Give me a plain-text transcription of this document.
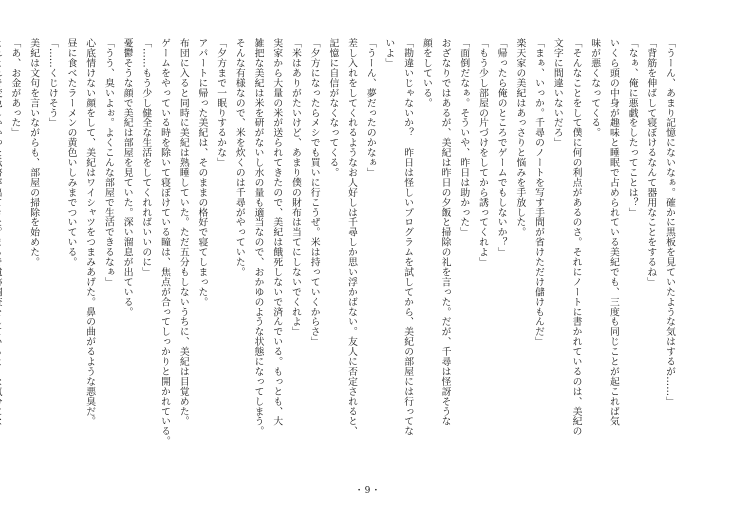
「うーん、あまり記憶にないなぁ。確かに黒板を見ていたような気はするが……」
「背筋を伸ばして寝ぼけるなんて器用なことをするね」
「なぁ、俺に悪戯をしたってことは？」
いくら頭の中身が趣味と睡眠で占められている美紀でも、三度も同じことが起これば気
味が悪くなってくる。
「そんなことをして僕に何の利点があるのさ。それにノートに書かれているのは、美紀の
文字に間違いないだろ」
「まぁ、いっか。千尋のノートを写す手間が省けただけ儲けもんだ」
楽天家の美紀はあっさりと悩みを手放した。
「帰ったら俺のところでゲームでもしないか？」
「もう少し部屋の片づけをしてから誘ってくれよ」
「面倒だなぁ。そういや、昨日は助かった」
おざなりではあるが、美紀は昨日の夕飯と掃除の礼を言った。だが、千尋は怪訝そうな
顔をしている。
「勘違いじゃないか？　昨日は怪しいプログラムを試してから、美紀の部屋には行ってな
いよ」
「うーん、夢だったのかなぁ」
差し入れをしてくれるようなお人好しは千尋しか思い浮かばない。友人に否定されると、
記憶に自信がなくなってくる。
「夕方になったらメシでも買いに行こうぜ。米は持っていくからさ」
「米はありがたいけど、あまり僕の財布は当てにしないでくれよ」
実家から大量の米が送られてきたので、美紀は餓死しないで済んでいる。もっとも、大
雑把な美紀は米を研がないし水の量も適当なので、おかゆのような状態になってしまう。
そんな有様なので、米を炊くのは千尋がやっていた。
「夕方まで一眠りするかな」
アパートに帰った美紀は、そのままの格好で寝てしまった。
布団に入ると同時に美紀は熟睡していた。ただ五分もしないうちに、美紀は目覚めた。
ゲームをやっている時を除いて寝ぼけている瞳は、焦点が合ってしっかりと開かれている。
「……もう少し健全な生活をしてくれればいいのに」
憂鬱そうな顔で美紀は部屋を見ていた。深い溜息が出ている。
「うう、臭いよぉ。よくこんな部屋で生活できるなぁ」
心底情けない顔をして、美紀はワイシャツをつまみあげた。鼻の曲がるような悪臭だ。
昼に食べたラーメンの黄色いしみまでついている。
「……くじけそう」
美紀は文句を言いながらも、部屋の掃除を始めた。
「あ、お金があった」
・9・
